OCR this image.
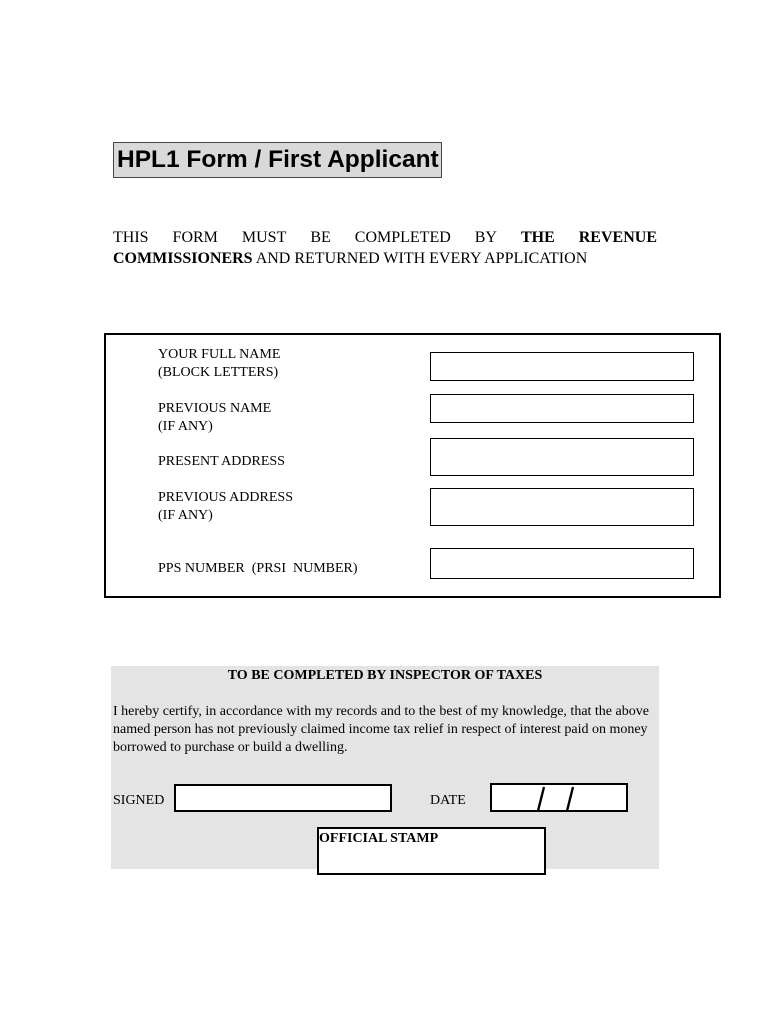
HPL1 Form / First Applicant
THIS FORM MUST BE COMPLETED BY THE REVENUE
COMMISSIONERS AND RETURNED WITH EVERY APPLICATION
YOUR FULL NAME
(BLOCK LETTERS)
PREVIOUS NAME
(IF ANY)
PRESENT ADDRESS
PREVIOUS ADDRESS
(IF ANY)
PPS NUMBER  (PRSI  NUMBER)
TO BE COMPLETED BY INSPECTOR OF TAXES
I hereby certify, in accordance with my records and to the best of my knowledge, that the above named person has not previously claimed income tax relief in respect of interest paid on money borrowed to purchase or build a dwelling.
SIGNED	DATE
OFFICIAL STAMP
